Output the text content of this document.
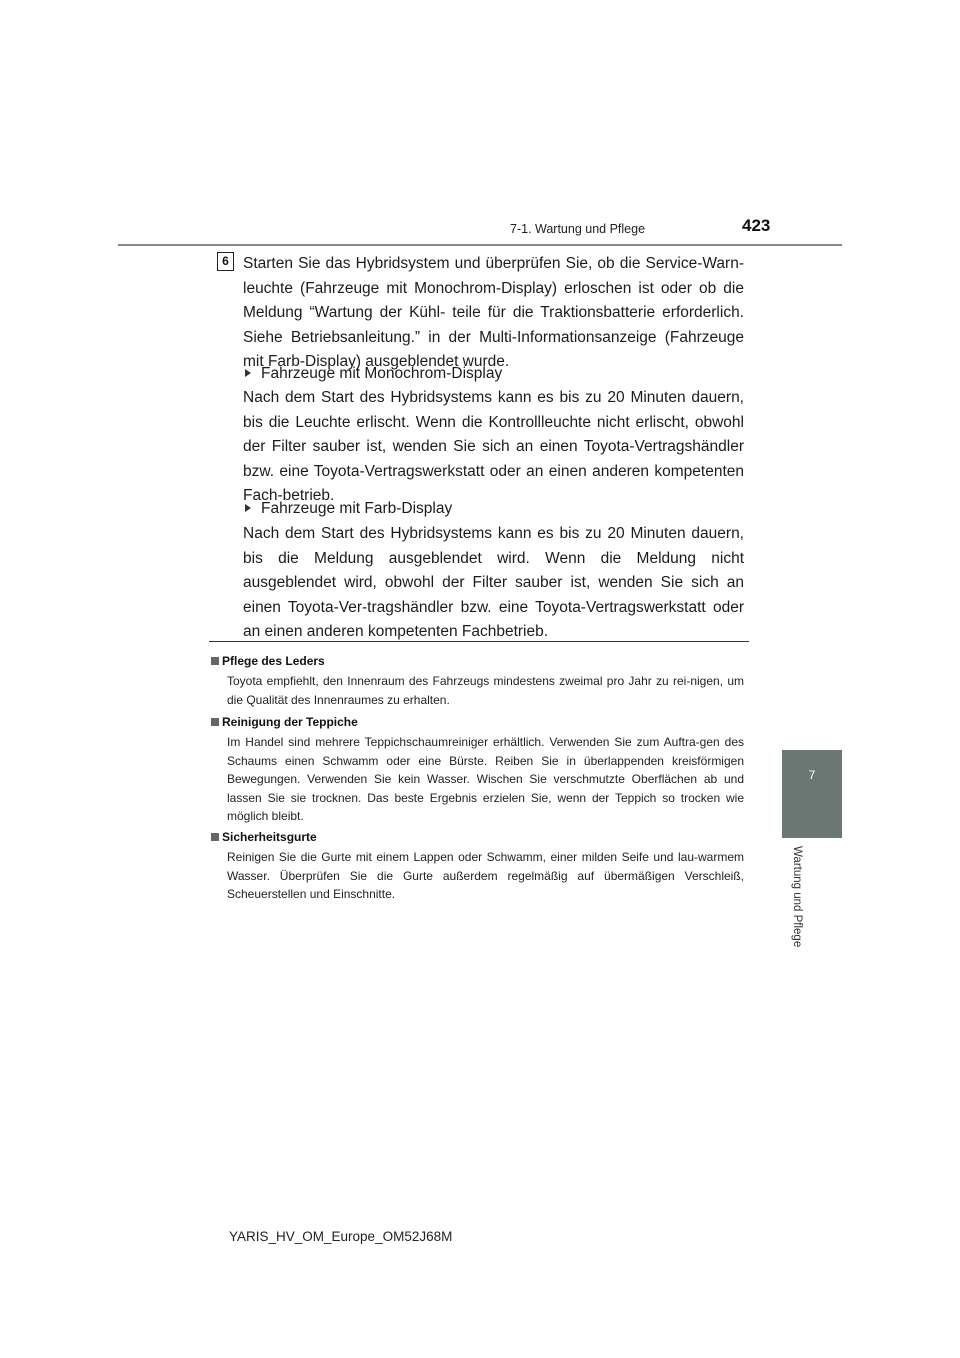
7-1. Wartung und Pflege	423
7
Wartung und Pflege
6 Starten Sie das Hybridsystem und überprüfen Sie, ob die Service-Warn-leuchte (Fahrzeuge mit Monochrom-Display) erloschen ist oder ob die Meldung “Wartung der Kühl- teile für die Traktionsbatterie erforderlich. Siehe Betriebsanleitung.” in der Multi-Informationsanzeige (Fahrzeuge mit Farb-Display) ausgeblendet wurde.
Fahrzeuge mit Monochrom-Display
Nach dem Start des Hybridsystems kann es bis zu 20 Minuten dauern, bis die Leuchte erlischt. Wenn die Kontrollleuchte nicht erlischt, obwohl der Filter sauber ist, wenden Sie sich an einen Toyota-Vertragshändler bzw. eine Toyota-Vertragswerkstatt oder an einen anderen kompetenten Fach-betrieb.
Fahrzeuge mit Farb-Display
Nach dem Start des Hybridsystems kann es bis zu 20 Minuten dauern, bis die Meldung ausgeblendet wird. Wenn die Meldung nicht ausgeblendet wird, obwohl der Filter sauber ist, wenden Sie sich an einen Toyota-Ver-tragshändler bzw. eine Toyota-Vertragswerkstatt oder an einen anderen kompetenten Fachbetrieb.
Pflege des Leders
Toyota empfiehlt, den Innenraum des Fahrzeugs mindestens zweimal pro Jahr zu rei-nigen, um die Qualität des Innenraumes zu erhalten.
Reinigung der Teppiche
Im Handel sind mehrere Teppichschaumreiniger erhältlich. Verwenden Sie zum Auftra-gen des Schaums einen Schwamm oder eine Bürste. Reiben Sie in überlappenden kreisförmigen Bewegungen. Verwenden Sie kein Wasser. Wischen Sie verschmutzte Oberflächen ab und lassen Sie sie trocknen. Das beste Ergebnis erzielen Sie, wenn der Teppich so trocken wie möglich bleibt.
Sicherheitsgurte
Reinigen Sie die Gurte mit einem Lappen oder Schwamm, einer milden Seife und lau-warmem Wasser. Überprüfen Sie die Gurte außerdem regelmäßig auf übermäßigen Verschleiß, Scheuerstellen und Einschnitte.
YARIS_HV_OM_Europe_OM52J68M
